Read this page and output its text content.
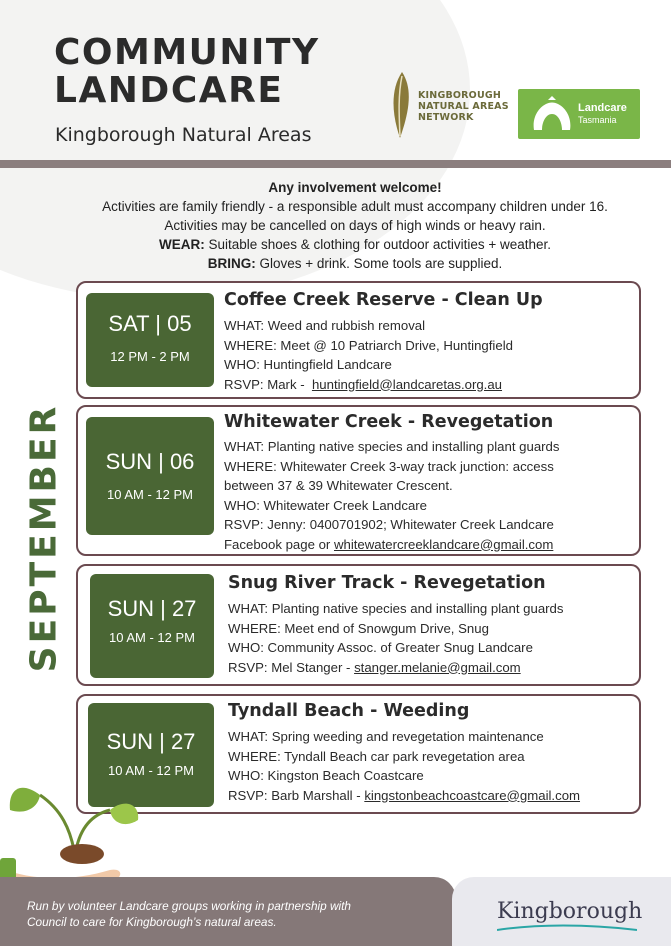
COMMUNITY
LANDCARE
Kingborough Natural Areas
KINGBOROUGH
NATURAL AREAS
NETWORK
Landcare
Tasmania
Any involvement welcome!
Activities are family friendly - a responsible adult must accompany children under 16.
Activities may be cancelled on days of high winds or heavy rain.
WEAR: Suitable shoes & clothing for outdoor activities + weather.
BRING: Gloves + drink. Some tools are supplied.
SEPTEMBER
SAT | 05
12 PM - 2 PM
Coffee Creek Reserve - Clean Up
WHAT: Weed and rubbish removal
WHERE: Meet @ 10 Patriarch Drive, Huntingfield
WHO: Huntingfield Landcare
RSVP: Mark -  huntingfield@landcaretas.org.au
SUN | 06
10 AM - 12 PM
Whitewater Creek - Revegetation
WHAT: Planting native species and installing plant guards
WHERE: Whitewater Creek 3-way track junction: access
between 37 & 39 Whitewater Crescent.
WHO: Whitewater Creek Landcare
RSVP: Jenny: 0400701902; Whitewater Creek Landcare
Facebook page or whitewatercreeklandcare@gmail.com
SUN | 27
10 AM - 12 PM
Snug River Track - Revegetation
WHAT: Planting native species and installing plant guards
WHERE: Meet end of Snowgum Drive, Snug
WHO: Community Assoc. of Greater Snug Landcare
RSVP: Mel Stanger - stanger.melanie@gmail.com
SUN | 27
10 AM - 12 PM
Tyndall Beach - Weeding
WHAT: Spring weeding and revegetation maintenance
WHERE: Tyndall Beach car park revegetation area
WHO: Kingston Beach Coastcare
RSVP: Barb Marshall - kingstonbeachcoastcare@gmail.com
Run by volunteer Landcare groups working in partnership with
Council to care for Kingborough’s natural areas.	Kingborough
